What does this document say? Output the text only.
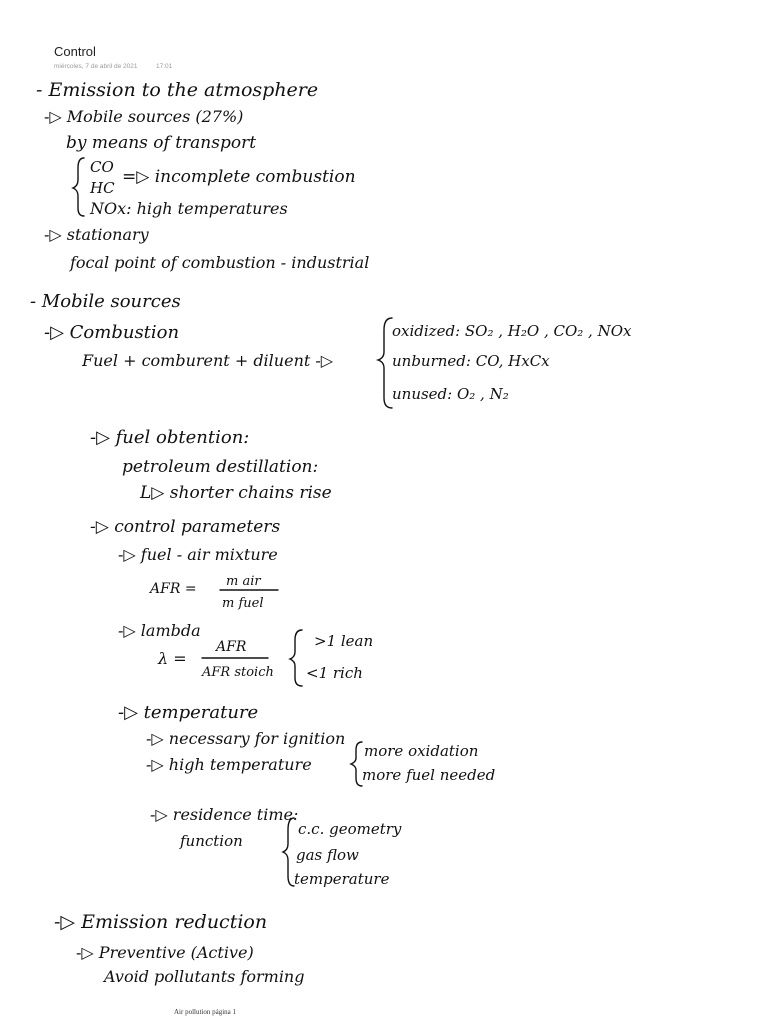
Control
miércoles, 7 de abril de 2021	17:01
- Emission to the atmosphere
-▷ Mobile sources (27%)
by means of transport
CO
HC
=▷ incomplete combustion
NOx: high temperatures
-▷ stationary
focal point of combustion - industrial
- Mobile sources
-▷ Combustion
Fuel + comburent + diluent -▷
oxidized: SO₂ , H₂O , CO₂ , NOx
unburned: CO, HxCx
unused: O₂ , N₂
-▷ fuel obtention:
petroleum destillation:
L▷ shorter chains rise
-▷ control parameters
-▷ fuel - air mixture
AFR = m air
m fuel
-▷ lambda
λ =
AFR
AFR stoich
>1 lean
<1 rich
-▷ temperature
-▷ necessary for ignition
-▷ high temperature
more oxidation
more fuel needed
-▷ residence time:
function
c.c. geometry
gas flow
temperature
-▷ Emission reduction
-▷ Preventive (Active)
Avoid pollutants forming
Air pollution página 1
